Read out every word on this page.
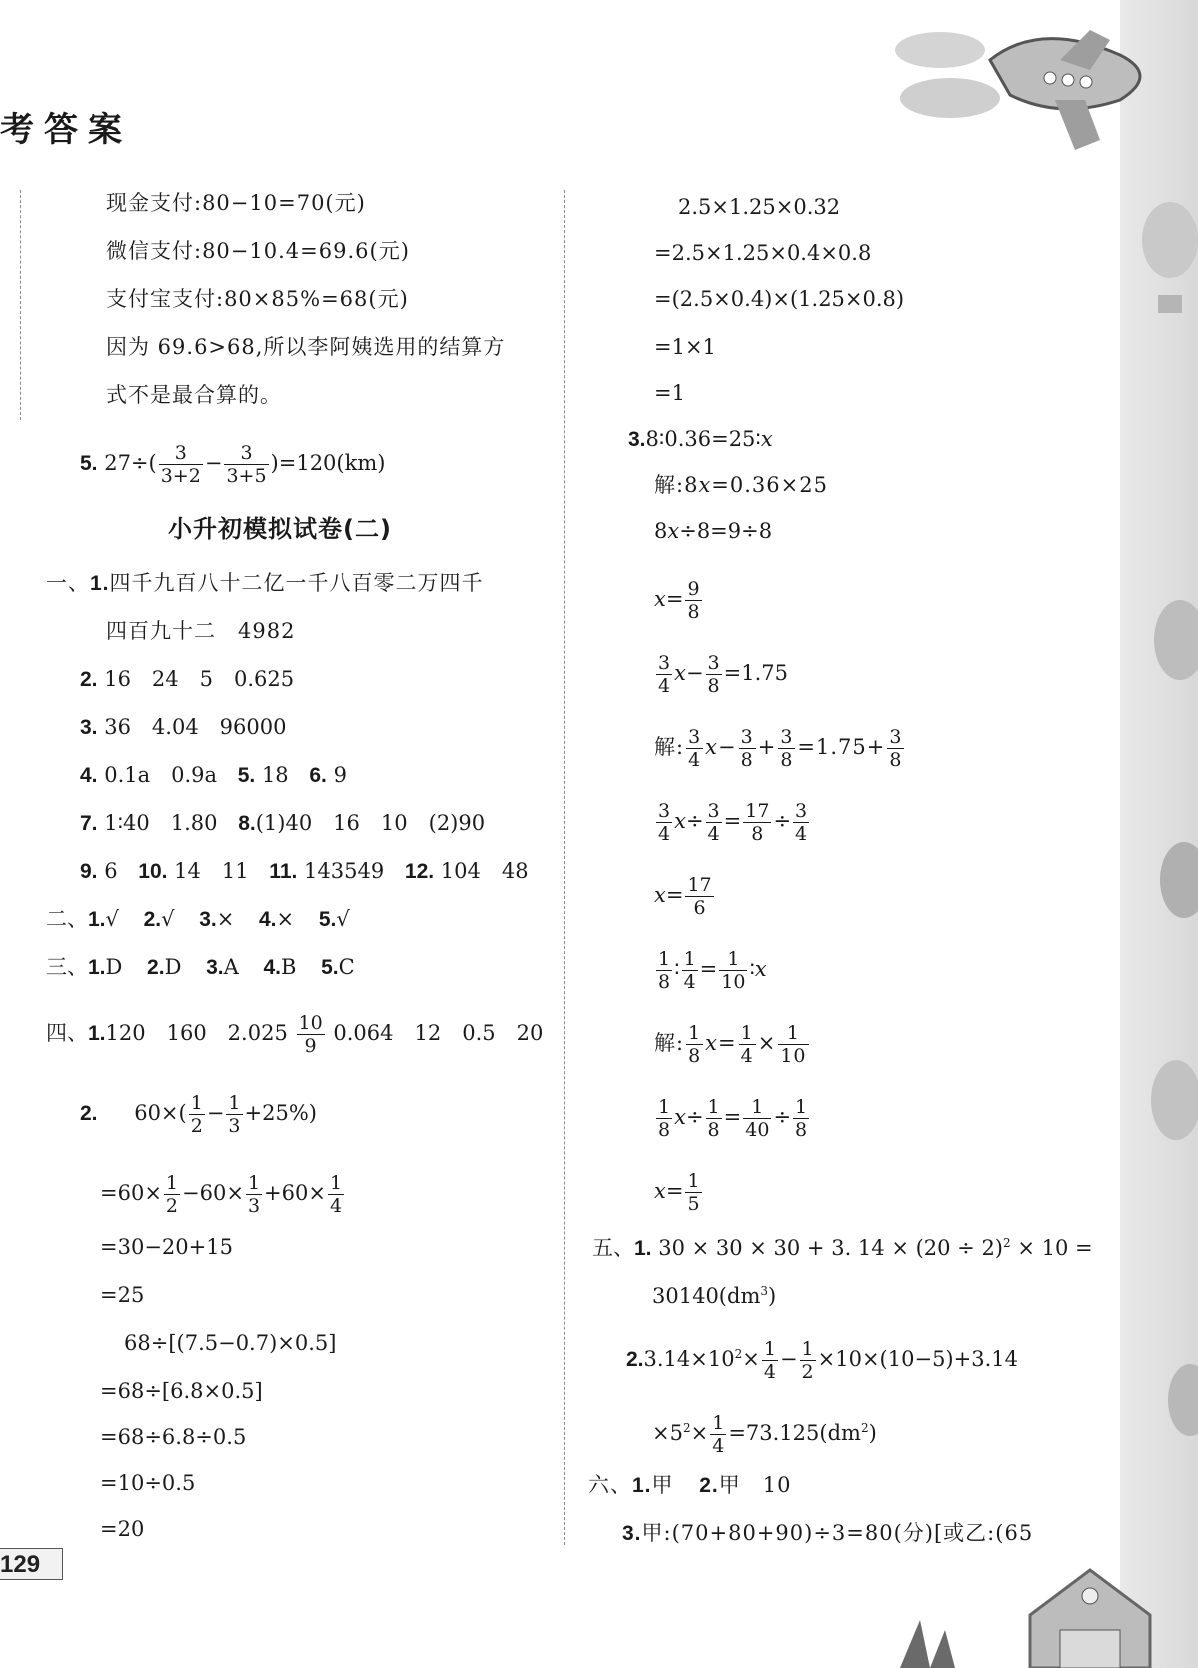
考答案
现金支付:80−10=70(元)
微信支付:80−10.4=69.6(元)
支付宝支付:80×85%=68(元)
因为 69.6>68,所以李阿姨选用的结算方
式不是最合算的。
5. $27\div( \frac{3}{3+2} - \frac{3}{3+5} )=120(km)$
小升初模拟试卷(二)
一、1.四千九百八十二亿一千八百零二万四千
四百九十二　4982
2. 16　24　5　0.625
3. 36　4.04　96000
4. 0.1a　0.9a 5. 18 6. 9
7. 1∶40　1.80 8.(1)40　16　10　(2)90
9. 6 10. 14　11 11. 143549 12. 104　48
二、1.√ 2.√ 3.× 4.× 5.√
三、1.D 2.D 3.A 4.B 5.C
四、1.120　160　$2.025 \frac{10}{9} 0.064$　12　0.5　20
2. $60\times( \frac{1}{2} - \frac{1}{3} +25\%)$
$=60\times \frac{1}{2} -60\times \frac{1}{3} +60\times \frac{1}{4}$
=30−20+15
=25
68÷[(7.5−0.7)×0.5]
=68÷[6.8×0.5]
=68÷6.8÷0.5
=10÷0.5
=20
129
2.5×1.25×0.32
=2.5×1.25×0.4×0.8
=(2.5×0.4)×(1.25×0.8)
=1×1
=1
3.8∶0.36=25∶x
解:8x=0.36×25
8x÷8=9÷8
$x= \frac{9}{8}$
$\frac{3}{4} x- \frac{3}{8} =1.75$
解: $\frac{3}{4} x- \frac{3}{8} + \frac{3}{8} =1.75+ \frac{3}{8}$
$\frac{3}{4} x\div \frac{3}{4} = \frac{17}{8} \div \frac{3}{4}$
$x= \frac{17}{6}$
$\frac{1}{8}$ ∶ $\frac{1}{4} = \frac{1}{10}$ ∶x
解: $\frac{1}{8} x= \frac{1}{4} \times \frac{1}{10}$
$\frac{1}{8} x\div \frac{1}{8} = \frac{1}{40} \div \frac{1}{8}$
$x= \frac{1}{5}$
五、1. 30 × 30 × 30 + 3. $14 \times (20 \div 2)^2 \times 10$ =
$30140(dm^3)$
$2.3.14\times 10^2\times \frac{1}{4} - \frac{1}{2} \times 10\times(10-5)+3.14$
$\times 5^2\times \frac{1}{4} =73.125(dm^2)$
六、1.甲 2.甲　10
3.甲:(70+80+90)÷3=80(分)[或乙:(65
